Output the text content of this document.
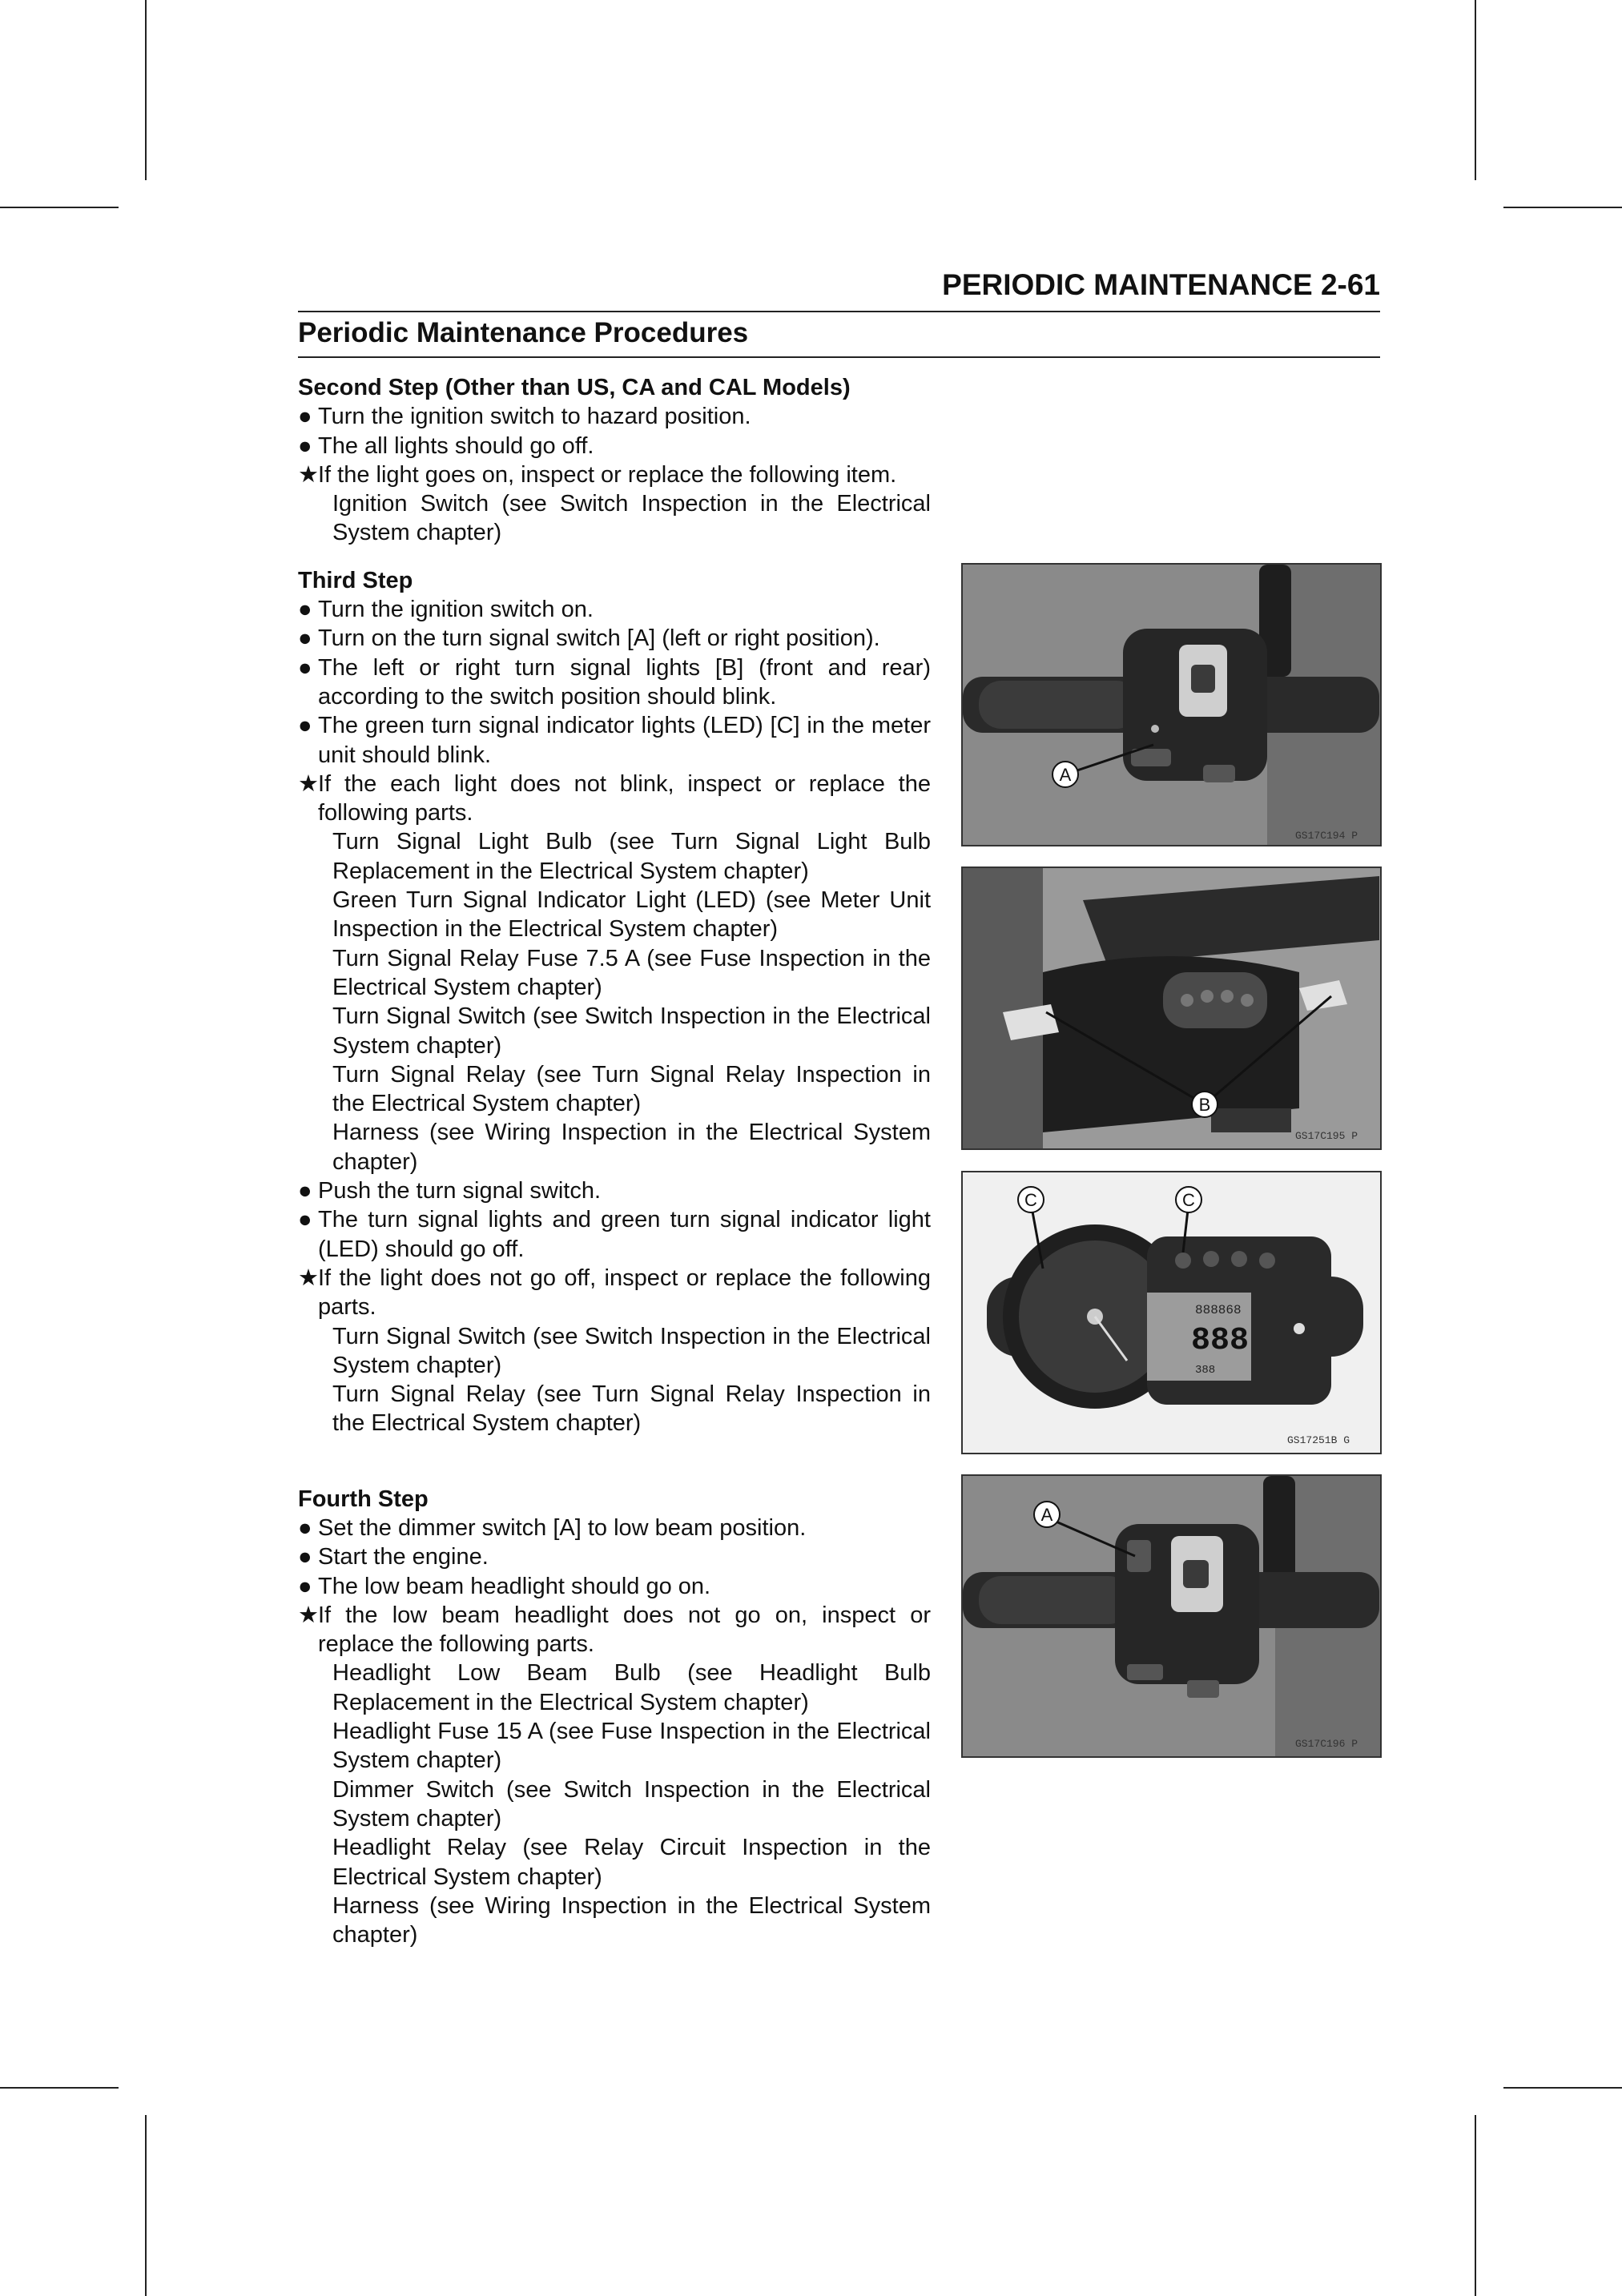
PERIODIC MAINTENANCE 2-61
Periodic Maintenance Procedures

Second Step (Other than US, CA and CAL Models)

● Turn the ignition switch to hazard position.

● The all lights should go off.

★ If the light goes on, inspect or replace the following item.

Ignition Switch (see Switch Inspection in the Electrical System chapter)

Third Step

● Turn the ignition switch on.

● Turn on the turn signal switch [A] (left or right position).

● The left or right turn signal lights [B] (front and rear) according to the switch position should blink.

● The green turn signal indicator lights (LED) [C] in the meter unit should blink.

★ If the each light does not blink, inspect or replace the following parts.

Turn Signal Light Bulb (see Turn Signal Light Bulb Replacement in the Electrical System chapter)

Green Turn Signal Indicator Light (LED) (see Meter Unit Inspection in the Electrical System chapter)

Turn Signal Relay Fuse 7.5 A (see Fuse Inspection in the Electrical System chapter)

Turn Signal Switch (see Switch Inspection in the Electrical System chapter)

Turn Signal Relay (see Turn Signal Relay Inspection in the Electrical System chapter)

Harness (see Wiring Inspection in the Electrical System chapter)

● Push the turn signal switch.

● The turn signal lights and green turn signal indicator light (LED) should go off.

★ If the light does not go off, inspect or replace the following parts.

Turn Signal Switch (see Switch Inspection in the Electrical System chapter)

Turn Signal Relay (see Turn Signal Relay Inspection in the Electrical System chapter)

Fourth Step

● Set the dimmer switch [A] to low beam position.

● Start the engine.

● The low beam headlight should go on.

★ If the low beam headlight does not go on, inspect or replace the following parts.

Headlight Low Beam Bulb (see Headlight Bulb Replacement in the Electrical System chapter)

Headlight Fuse 15 A (see Fuse Inspection in the Electrical System chapter)

Dimmer Switch (see Switch Inspection in the Electrical System chapter)

Headlight Relay (see Relay Circuit Inspection in the Electrical System chapter)

Harness (see Wiring Inspection in the Electrical System chapter)

A
GS17C194 P
B
GS17C195 P
888868
888
388
C	C
GS17251B G
A
GS17C196 P
